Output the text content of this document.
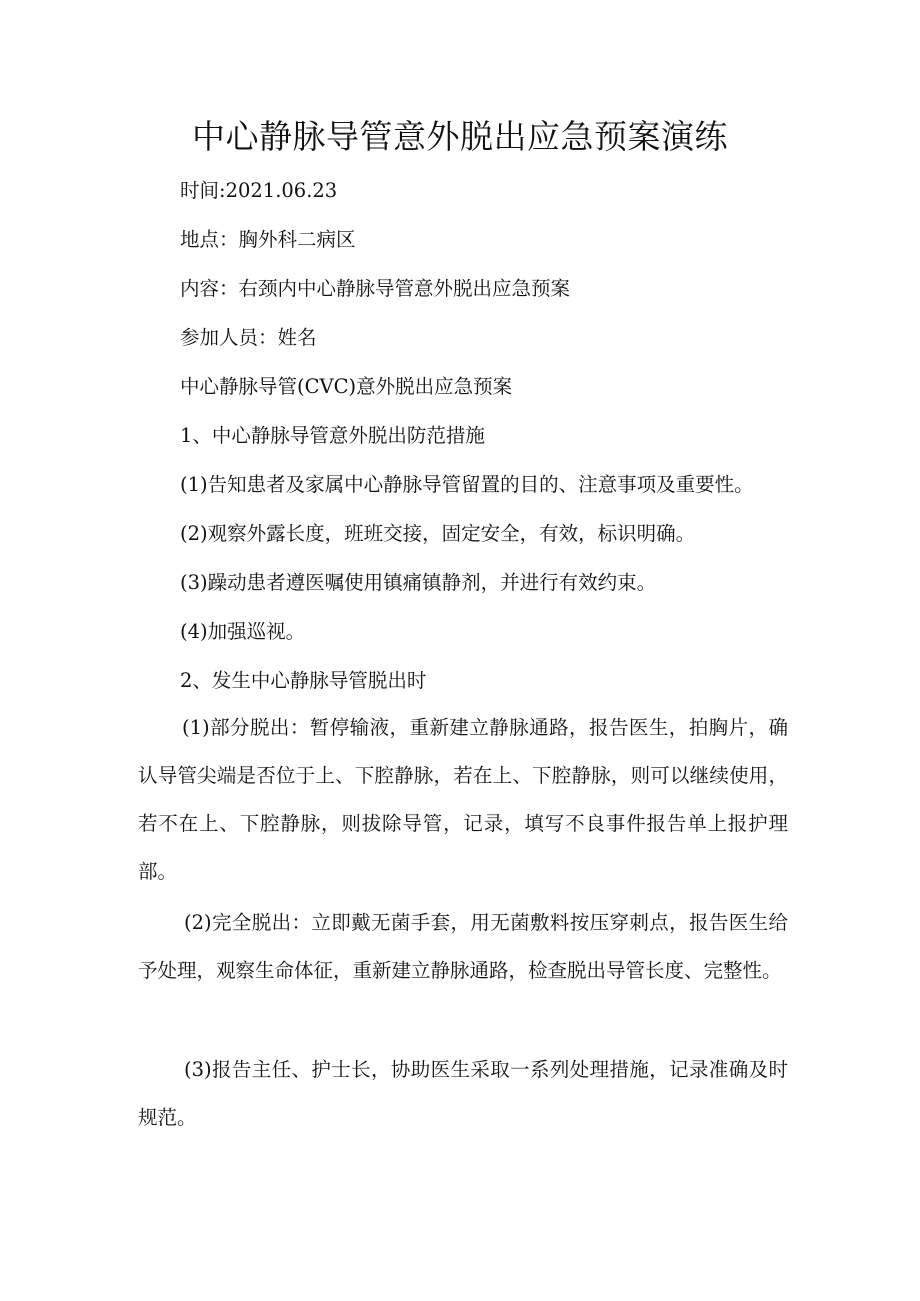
中心静脉导管意外脱出应急预案演练

时间:2021.06.23

地点：胸外科二病区

内容：右颈内中心静脉导管意外脱出应急预案

参加人员：姓名

中心静脉导管(CVC)意外脱出应急预案

1、中心静脉导管意外脱出防范措施

(1)告知患者及家属中心静脉导管留置的目的、注意事项及重要性。

(2)观察外露长度，班班交接，固定安全，有效，标识明确。

(3)躁动患者遵医嘱使用镇痛镇静剂，并进行有效约束。

(4)加强巡视。

2、发生中心静脉导管脱出时

(1)部分脱出：暂停输液，重新建立静脉通路，报告医生，拍胸片，确认导管尖端是否位于上、下腔静脉，若在上、下腔静脉，则可以继续使用，若不在上、下腔静脉，则拔除导管，记录，填写不良事件报告单上报护理部。

(2)完全脱出：立即戴无菌手套，用无菌敷料按压穿刺点，报告医生给予处理，观察生命体征，重新建立静脉通路，检查脱出导管长度、完整性。

(3)报告主任、护士长，协助医生采取一系列处理措施，记录准确及时规范。
